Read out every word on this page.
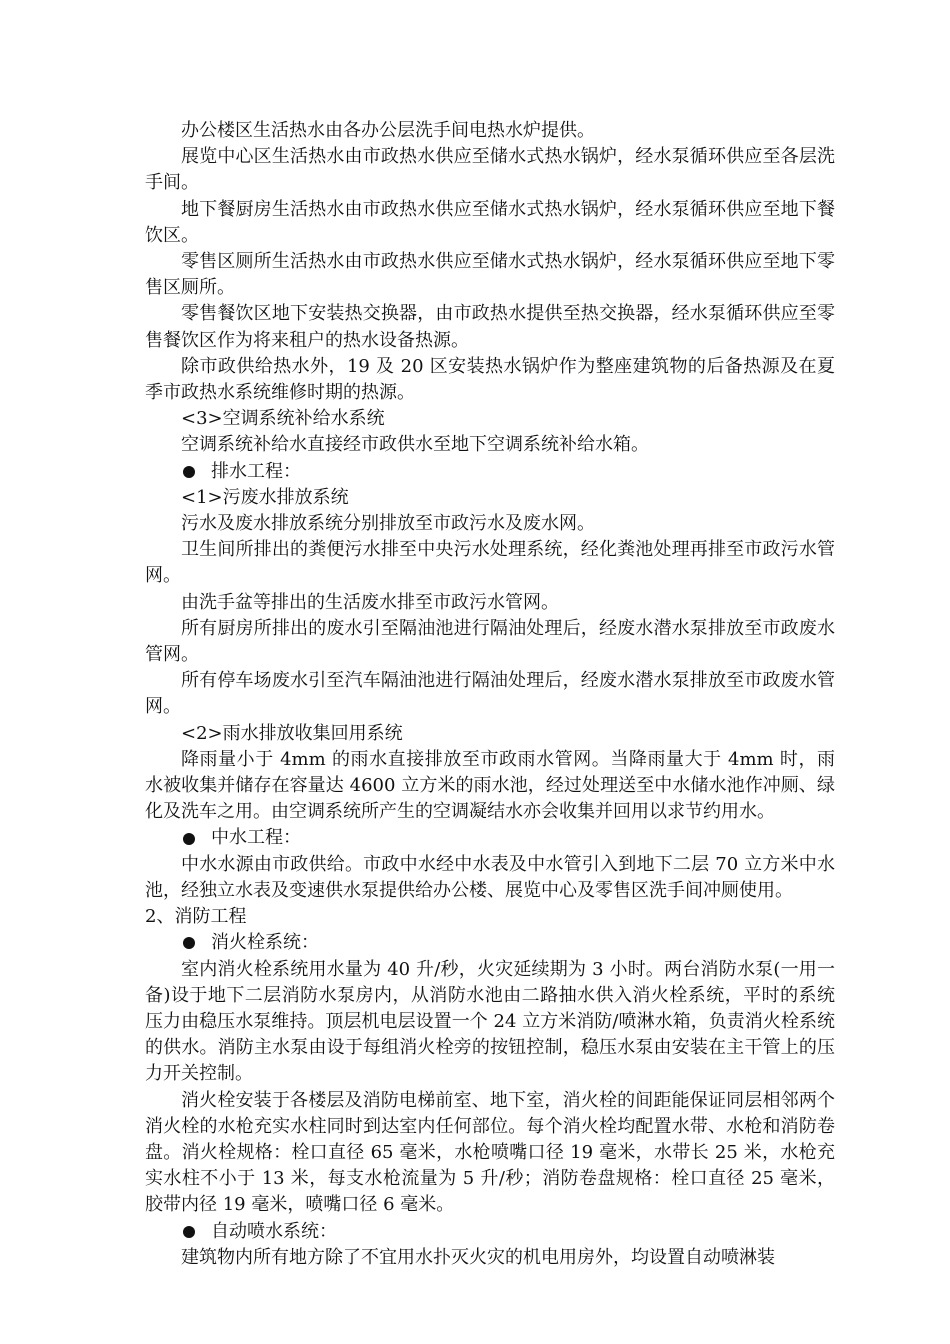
办公楼区生活热水由各办公层洗手间电热水炉提供。

展览中心区生活热水由市政热水供应至储水式热水锅炉，经水泵循环供应至各层洗手间。

地下餐厨房生活热水由市政热水供应至储水式热水锅炉，经水泵循环供应至地下餐饮区。

零售区厕所生活热水由市政热水供应至储水式热水锅炉，经水泵循环供应至地下零售区厕所。

零售餐饮区地下安装热交换器，由市政热水提供至热交换器，经水泵循环供应至零售餐饮区作为将来租户的热水设备热源。

除市政供给热水外，19 及 20 区安装热水锅炉作为整座建筑物的后备热源及在夏季市政热水系统维修时期的热源。

<3>空调系统补给水系统

空调系统补给水直接经市政供水至地下空调系统补给水箱。

排水工程：

<1>污废水排放系统

污水及废水排放系统分别排放至市政污水及废水网。

卫生间所排出的粪便污水排至中央污水处理系统，经化粪池处理再排至市政污水管网。

由洗手盆等排出的生活废水排至市政污水管网。

所有厨房所排出的废水引至隔油池进行隔油处理后，经废水潜水泵排放至市政废水管网。

所有停车场废水引至汽车隔油池进行隔油处理后，经废水潜水泵排放至市政废水管网。

<2>雨水排放收集回用系统

降雨量小于 4mm 的雨水直接排放至市政雨水管网。当降雨量大于 4mm 时，雨水被收集并储存在容量达 4600 立方米的雨水池，经过处理送至中水储水池作冲厕、绿化及洗车之用。由空调系统所产生的空调凝结水亦会收集并回用以求节约用水。

中水工程：

中水水源由市政供给。市政中水经中水表及中水管引入到地下二层 70 立方米中水池，经独立水表及变速供水泵提供给办公楼、展览中心及零售区洗手间冲厕使用。

2、消防工程

消火栓系统：

室内消火栓系统用水量为 40 升/秒，火灾延续期为 3 小时。两台消防水泵(一用一备)设于地下二层消防水泵房内，从消防水池由二路抽水供入消火栓系统，平时的系统压力由稳压水泵维持。顶层机电层设置一个 24 立方米消防/喷淋水箱，负责消火栓系统的供水。消防主水泵由设于每组消火栓旁的按钮控制，稳压水泵由安装在主干管上的压力开关控制。

消火栓安装于各楼层及消防电梯前室、地下室，消火栓的间距能保证同层相邻两个消火栓的水枪充实水柱同时到达室内任何部位。每个消火栓均配置水带、水枪和消防卷盘。消火栓规格：栓口直径 65 毫米，水枪喷嘴口径 19 毫米，水带长 25 米，水枪充实水柱不小于 13 米，每支水枪流量为 5 升/秒；消防卷盘规格：栓口直径 25 毫米，胶带内径 19 毫米，喷嘴口径 6 毫米。

自动喷水系统：

建筑物内所有地方除了不宜用水扑灭火灾的机电用房外，均设置自动喷淋装
